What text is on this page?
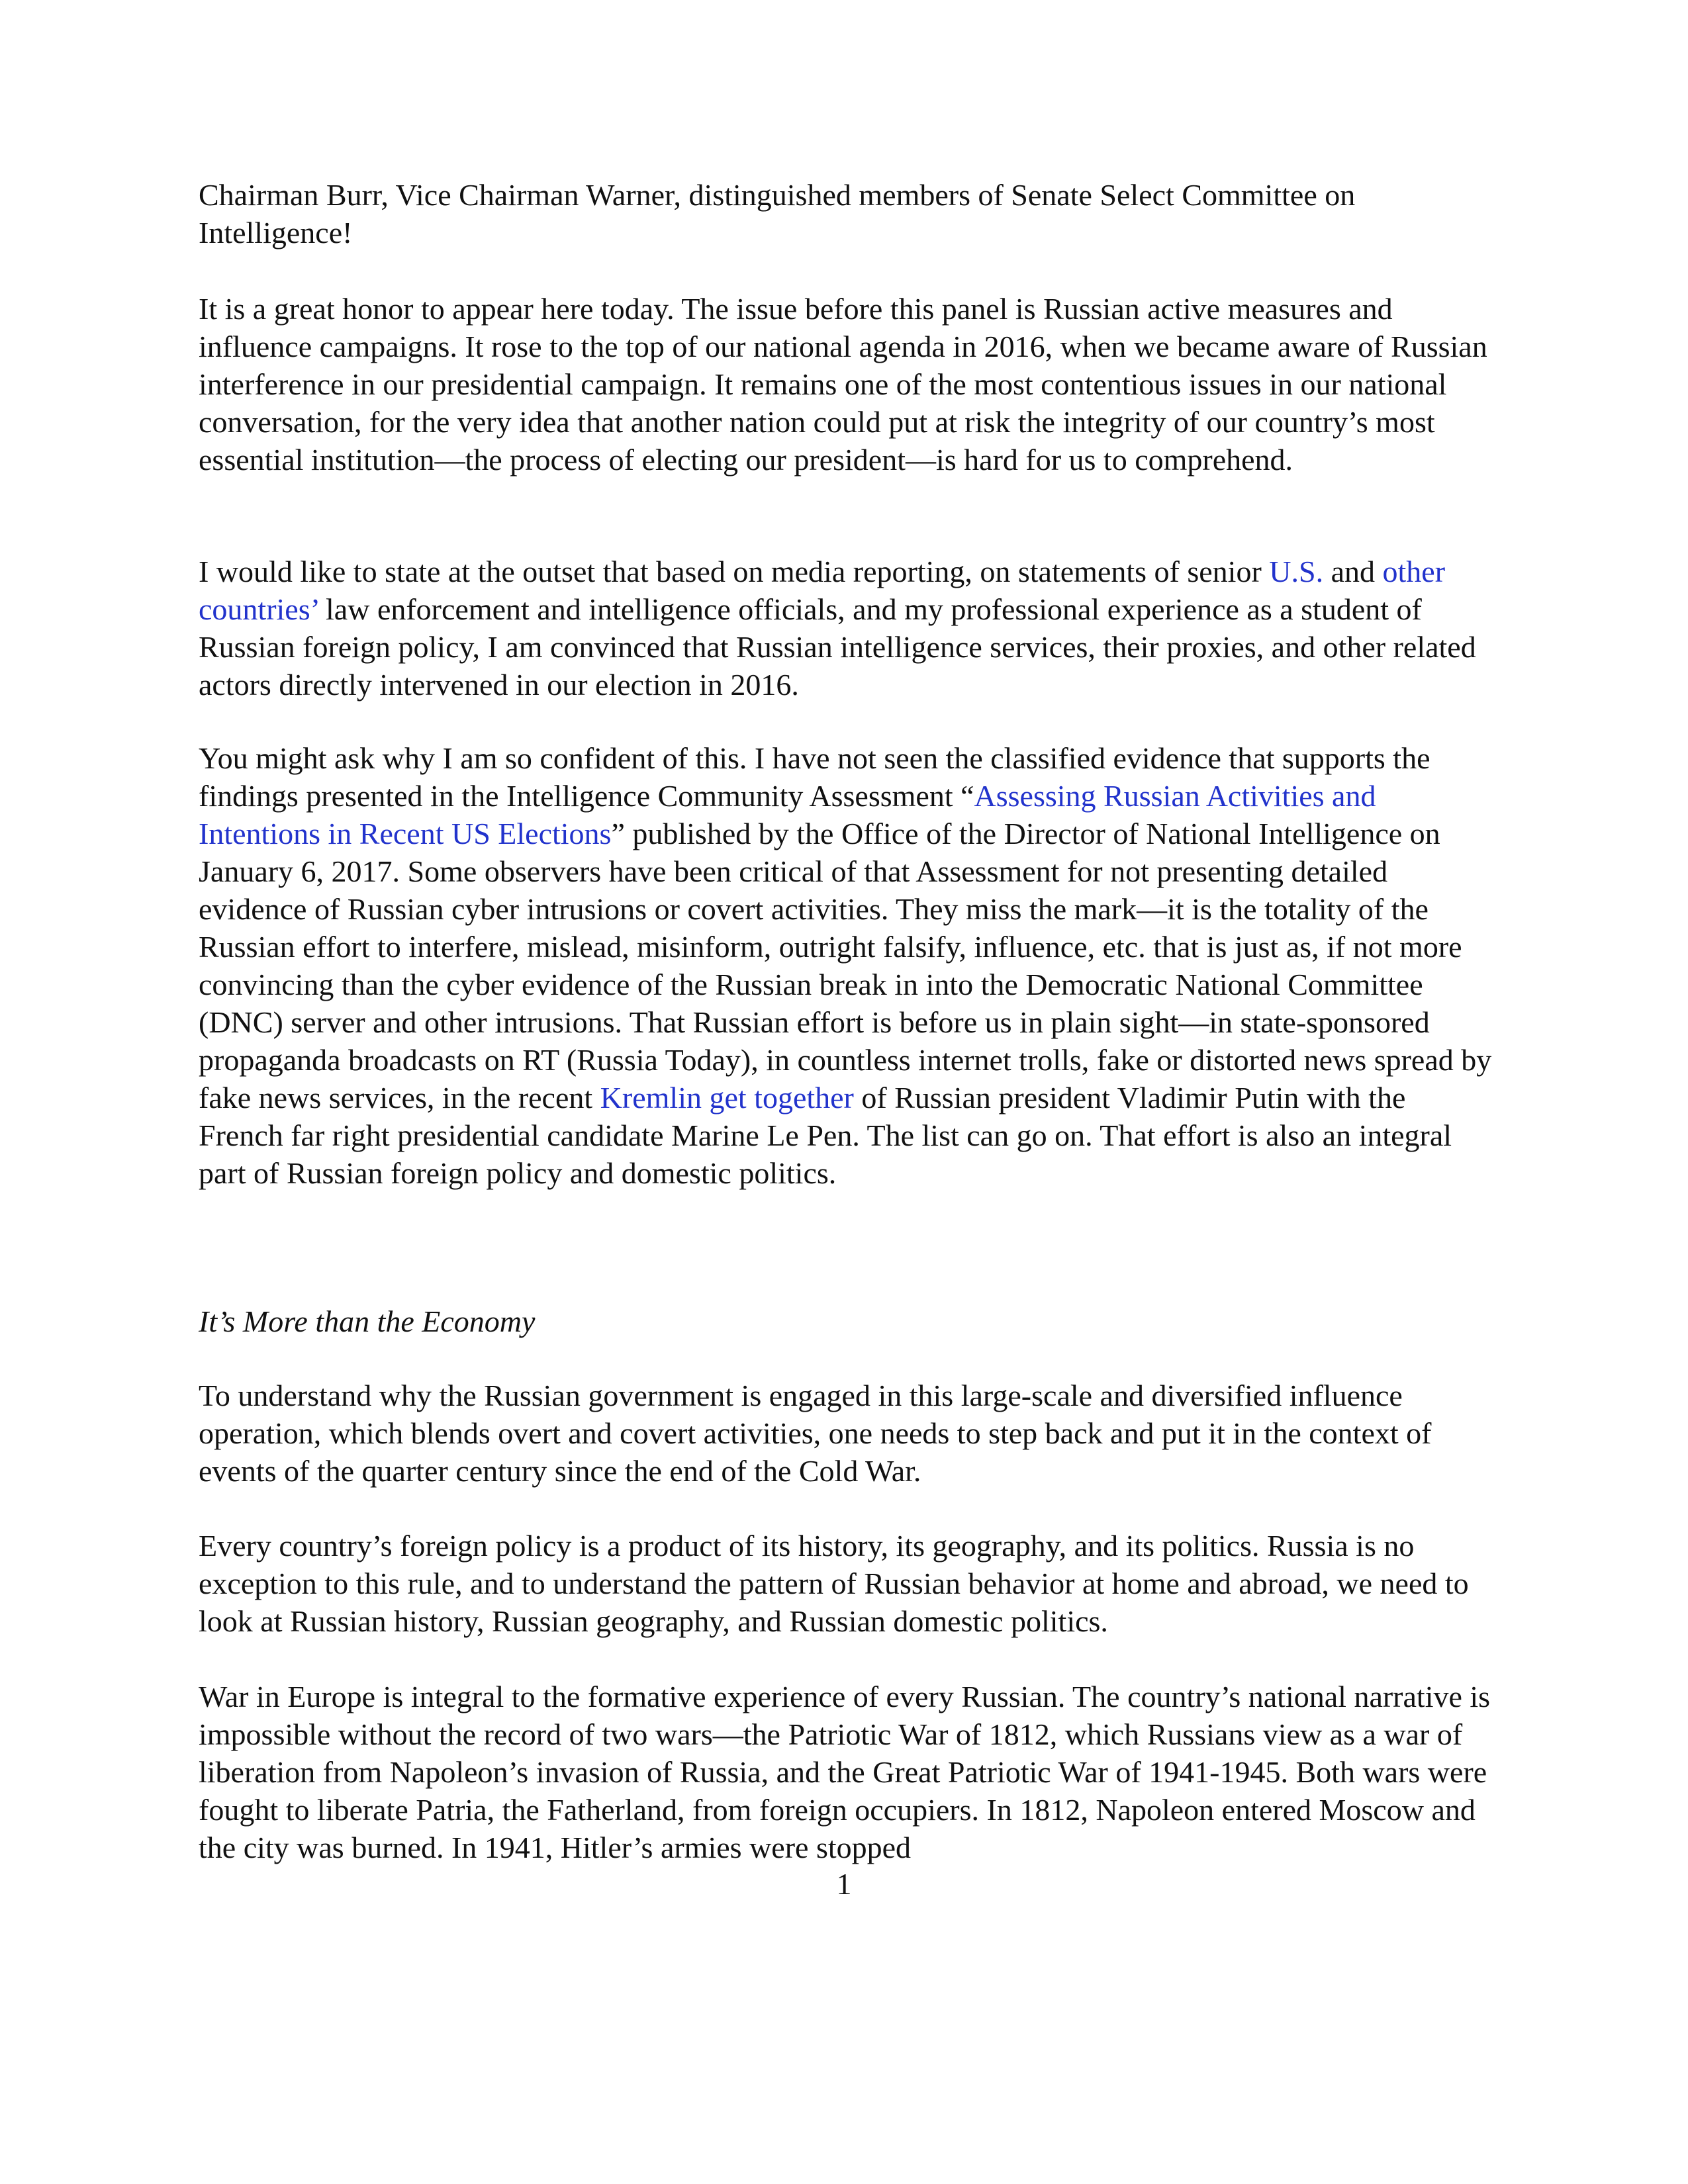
Chairman Burr, Vice Chairman Warner, distinguished members of Senate Select Committee on Intelligence!

It is a great honor to appear here today. The issue before this panel is Russian active measures and influence campaigns. It rose to the top of our national agenda in 2016, when we became aware of Russian interference in our presidential campaign. It remains one of the most contentious issues in our national conversation, for the very idea that another nation could put at risk the integrity of our country’s most essential institution—the process of electing our president—is hard for us to comprehend.

I would like to state at the outset that based on media reporting, on statements of senior U.S. and other countries’ law enforcement and intelligence officials, and my professional experience as a student of Russian foreign policy, I am convinced that Russian intelligence services, their proxies, and other related actors directly intervened in our election in 2016.

You might ask why I am so confident of this. I have not seen the classified evidence that supports the findings presented in the Intelligence Community Assessment “Assessing Russian Activities and Intentions in Recent US Elections” published by the Office of the Director of National Intelligence on January 6, 2017. Some observers have been critical of that Assessment for not presenting detailed evidence of Russian cyber intrusions or covert activities. They miss the mark—it is the totality of the Russian effort to interfere, mislead, misinform, outright falsify, influence, etc. that is just as, if not more convincing than the cyber evidence of the Russian break in into the Democratic National Committee (DNC) server and other intrusions. That Russian effort is before us in plain sight—in state-sponsored propaganda broadcasts on RT (Russia Today), in countless internet trolls, fake or distorted news spread by fake news services, in the recent Kremlin get together of Russian president Vladimir Putin with the French far right presidential candidate Marine Le Pen. The list can go on. That effort is also an integral part of Russian foreign policy and domestic politics.

It’s More than the Economy

To understand why the Russian government is engaged in this large-scale and diversified influence operation, which blends overt and covert activities, one needs to step back and put it in the context of events of the quarter century since the end of the Cold War.

Every country’s foreign policy is a product of its history, its geography, and its politics. Russia is no exception to this rule, and to understand the pattern of Russian behavior at home and abroad, we need to look at Russian history, Russian geography, and Russian domestic politics.

War in Europe is integral to the formative experience of every Russian. The country’s national narrative is impossible without the record of two wars—the Patriotic War of 1812, which Russians view as a war of liberation from Napoleon’s invasion of Russia, and the Great Patriotic War of 1941-1945. Both wars were fought to liberate Patria, the Fatherland, from foreign occupiers. In 1812, Napoleon entered Moscow and the city was burned. In 1941, Hitler’s armies were stopped

1
